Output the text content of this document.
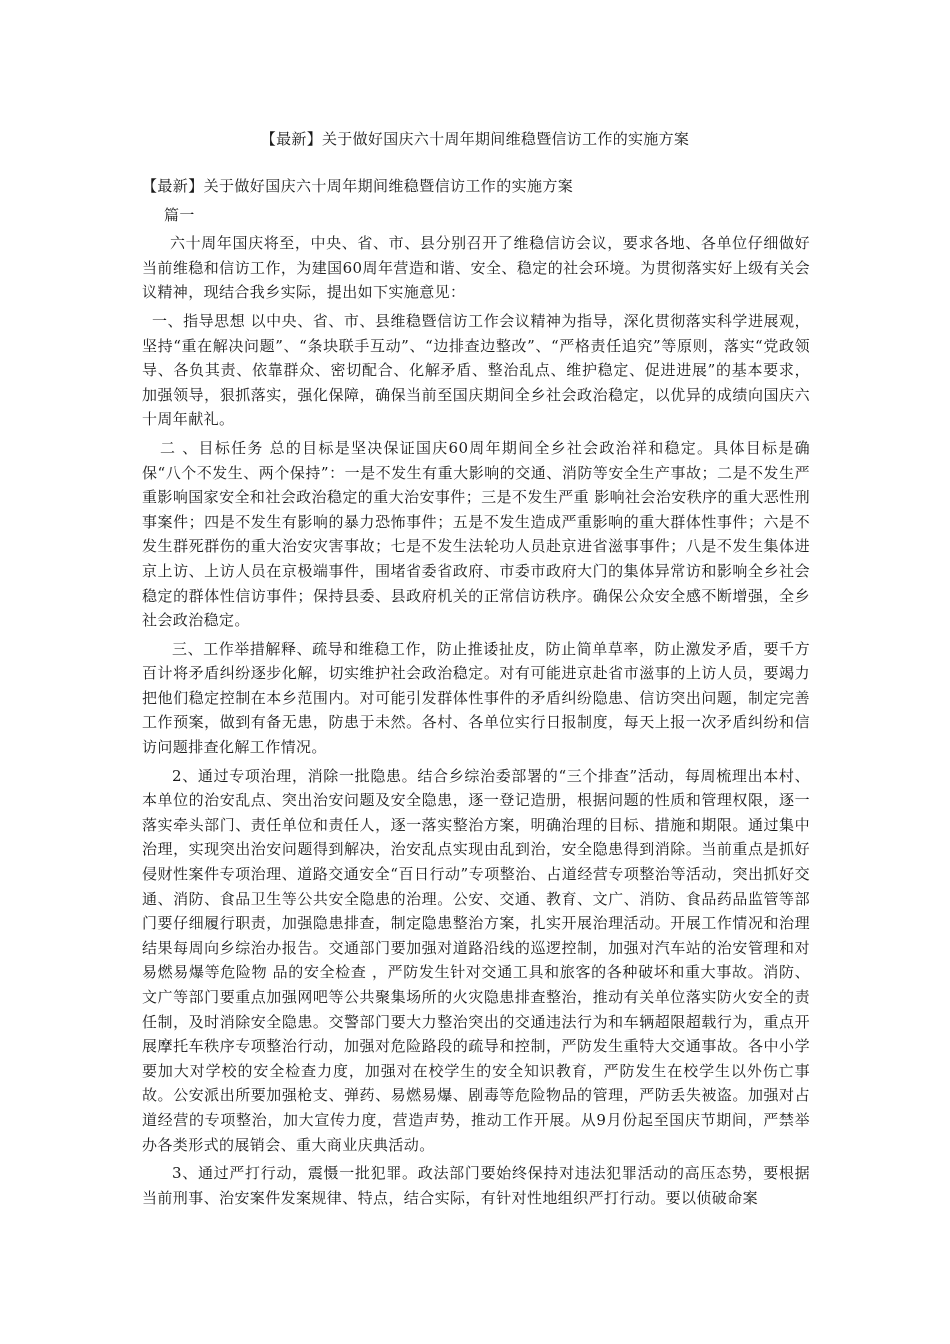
【最新】关于做好国庆六十周年期间维稳暨信访工作的实施方案

【最新】关于做好国庆六十周年期间维稳暨信访工作的实施方案

篇一

六十周年国庆将至，中央、省、市、县分别召开了维稳信访会议，要求各地、各单位仔细做好当前维稳和信访工作，为建国60周年营造和谐、安全、稳定的社会环境。为贯彻落实好上级有关会议精神，现结合我乡实际，提出如下实施意见：

一、指导思想 以中央、省、市、县维稳暨信访工作会议精神为指导，深化贯彻落实科学进展观，坚持“重在解决问题”、“条块联手互动”、“边排查边整改”、“严格责任追究”等原则，落实“党政领导、各负其责、依靠群众、密切配合、化解矛盾、整治乱点、维护稳定、促进进展”的基本要求，加强领导，狠抓落实，强化保障，确保当前至国庆期间全乡社会政治稳定，以优异的成绩向国庆六十周年献礼。

二 、目标任务 总的目标是坚决保证国庆60周年期间全乡社会政治祥和稳定。具体目标是确保“八个不发生、两个保持”：一是不发生有重大影响的交通、消防等安全生产事故；二是不发生严重影响国家安全和社会政治稳定的重大治安事件；三是不发生严重 影响社会治安秩序的重大恶性刑事案件；四是不发生有影响的暴力恐怖事件；五是不发生造成严重影响的重大群体性事件；六是不发生群死群伤的重大治安灾害事故；七是不发生法轮功人员赴京进省滋事事件；八是不发生集体进京上访、上访人员在京极端事件，围堵省委省政府、市委市政府大门的集体异常访和影响全乡社会稳定的群体性信访事件；保持县委、县政府机关的正常信访秩序。确保公众安全感不断增强，全乡社会政治稳定。

三、工作举措解释、疏导和维稳工作，防止推诿扯皮，防止简单草率，防止激发矛盾，要千方百计将矛盾纠纷逐步化解，切实维护社会政治稳定。对有可能进京赴省市滋事的上访人员，要竭力把他们稳定控制在本乡范围内。对可能引发群体性事件的矛盾纠纷隐患、信访突出问题，制定完善工作预案，做到有备无患，防患于未然。各村、各单位实行日报制度，每天上报一次矛盾纠纷和信访问题排查化解工作情况。

2、通过专项治理，消除一批隐患。结合乡综治委部署的“三个排查”活动，每周梳理出本村、本单位的治安乱点、突出治安问题及安全隐患，逐一登记造册，根据问题的性质和管理权限，逐一落实牵头部门、责任单位和责任人，逐一落实整治方案，明确治理的目标、措施和期限。通过集中治理，实现突出治安问题得到解决，治安乱点实现由乱到治，安全隐患得到消除。当前重点是抓好侵财性案件专项治理、道路交通安全“百日行动”专项整治、占道经营专项整治等活动，突出抓好交通、消防、食品卫生等公共安全隐患的治理。公安、交通、教育、文广、消防、食品药品监管等部门要仔细履行职责，加强隐患排查，制定隐患整治方案，扎实开展治理活动。开展工作情况和治理结果每周向乡综治办报告。交通部门要加强对道路沿线的巡逻控制，加强对汽车站的治安管理和对易燃易爆等危险物 品的安全检查 ，严防发生针对交通工具和旅客的各种破坏和重大事故。消防、文广等部门要重点加强网吧等公共聚集场所的火灾隐患排查整治，推动有关单位落实防火安全的责任制，及时消除安全隐患。交警部门要大力整治突出的交通违法行为和车辆超限超载行为，重点开展摩托车秩序专项整治行动，加强对危险路段的疏导和控制，严防发生重特大交通事故。各中小学要加大对学校的安全检查力度，加强对在校学生的安全知识教育，严防发生在校学生以外伤亡事故。公安派出所要加强枪支、弹药、易燃易爆、剧毒等危险物品的管理，严防丢失被盗。加强对占道经营的专项整治，加大宣传力度，营造声势，推动工作开展。从9月份起至国庆节期间，严禁举办各类形式的展销会、重大商业庆典活动。

3、通过严打行动，震慑一批犯罪。政法部门要始终保持对违法犯罪活动的高压态势，要根据当前刑事、治安案件发案规律、特点，结合实际，有针对性地组织严打行动。要以侦破命案
